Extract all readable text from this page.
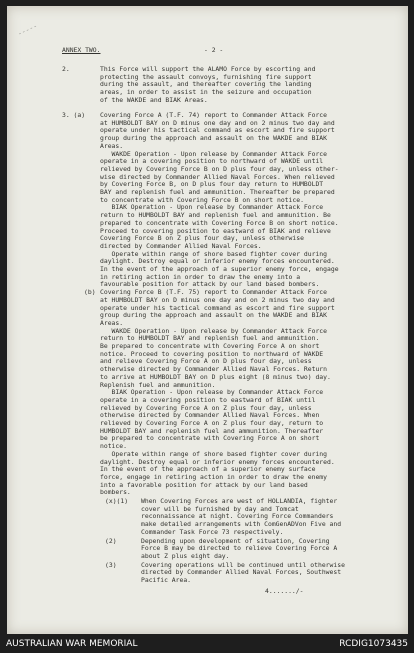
-----
ANNEX TWO.	- 2 -
2.
3. (a)
(b)
4......./-
This Force will support the ALAMO Force by escorting and
protecting the assault convoys, furnishing fire support
during the assault, and thereafter covering the landing
areas, in order to assist in the seizure and occupation
of the WAKDE and BIAK Areas.
Covering Force A (T.F. 74) report to Commander Attack Force
at HUMBOLDT BAY on D minus one day and on 2 minus two day and
operate under his tactical command as escort and fire support
group during the approach and assault on the WAKDE and BIAK
Areas.
WAKDE Operation - Upon release by Commander Attack Force
operate in a covering position to northward of WAKDE until
relieved by Covering Force B on D plus four day, unless other-
wise directed by Commander Allied Naval Forces. When relieved
by Covering Force B, on D plus four day return to HUMBOLDT
BAY and replenish fuel and ammunition. Thereafter be prepared
to concentrate with Covering Force B on short notice.
BIAK Operation - Upon release by Commander Attack Force
return to HUMBOLDT BAY and replenish fuel and ammunition. Be
prepared to concentrate with Covering Force B on short notice.
Proceed to covering position to eastward of BIAK and relieve
Covering Force B on Z plus four day, unless otherwise
directed by Commander Allied Naval Forces.
Operate within range of shore based fighter cover during
daylight. Destroy equal or inferior enemy forces encountered.
In the event of the approach of a superior enemy force, engage
in retiring action in order to draw the enemy into a
favourable position for attack by our land based bombers.
Covering Force B (T.F. 75) report to Commander Attack Force
at HUMBOLDT BAY on D minus one day and on 2 minus two day and
operate under his tactical command as escort and fire support
group during the approach and assault on the WAKDE and BIAK
Areas.
WAKDE Operation - Upon release by Commander Attack Force
return to HUMBOLDT BAY and replenish fuel and ammunition.
Be prepared to concentrate with Covering Force A on short
notice. Proceed to covering position to northward of WAKDE
and relieve Covering Force A on D plus four day, unless
otherwise directed by Commander Allied Naval Forces. Return
to arrive at HUMBOLDT BAY on D plus eight (8 minus two) day.
Replenish fuel and ammunition.
BIAK Operation - Upon release by Commander Attack Force
operate in a covering position to eastward of BIAK until
relieved by Covering Force A on Z plus four day, unless
otherwise directed by Commander Allied Naval Forces. When
relieved by Covering Force A on Z plus four day, return to
HUMBOLDT BAY and replenish fuel and ammunition. Thereafter
be prepared to concentrate with Covering Force A on short
notice.
Operate within range of shore based fighter cover during
daylight. Destroy equal or inferior enemy forces encountered.
In the event of the approach of a superior enemy surface
force, engage in retiring action in order to draw the enemy
into a favorable position for attack by our land based
bombers.
(x)(1) When Covering Forces are west of HOLLANDIA, fighter
cover will be furnished by day and Tomcat
reconnaissance at night. Covering Force Commanders
make detailed arrangements with ComGenADVon Five and
Commander Task Force 73 respectively.
(2)	Depending upon development of situation, Covering
Force B may be directed to relieve Covering Force A
about Z plus eight day.
(3)	Covering operations will be continued until otherwise
directed by Commander Allied Naval Forces, Southwest
Pacific Area.
AUSTRALIAN WAR MEMORIAL	RCDIG1073435
